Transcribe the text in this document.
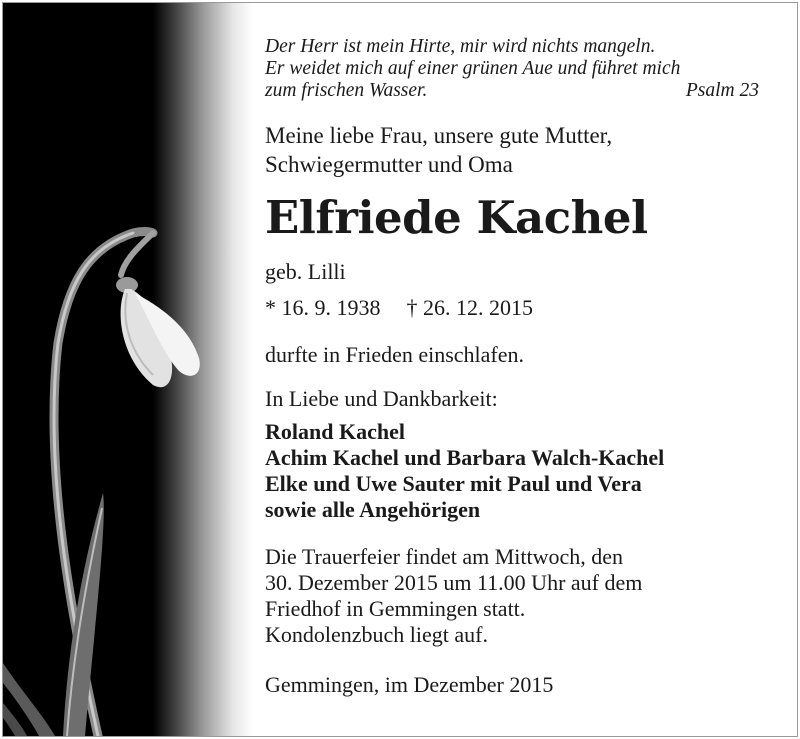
Der Herr ist mein Hirte, mir wird nichts mangeln.
Er weidet mich auf einer grünen Aue und führet mich
zum frischen Wasser.	Psalm 23
Meine liebe Frau, unsere gute Mutter,
Schwiegermutter und Oma
Elfriede Kachel
geb. Lilli
* 16. 9. 1938 † 26. 12. 2015
durfte in Frieden einschlafen.
In Liebe und Dankbarkeit:
Roland Kachel
Achim Kachel und Barbara Walch-Kachel
Elke und Uwe Sauter mit Paul und Vera
sowie alle Angehörigen
Die Trauerfeier findet am Mittwoch, den
30. Dezember 2015 um 11.00 Uhr auf dem
Friedhof in Gemmingen statt.
Kondolenzbuch liegt auf.
Gemmingen, im Dezember 2015
